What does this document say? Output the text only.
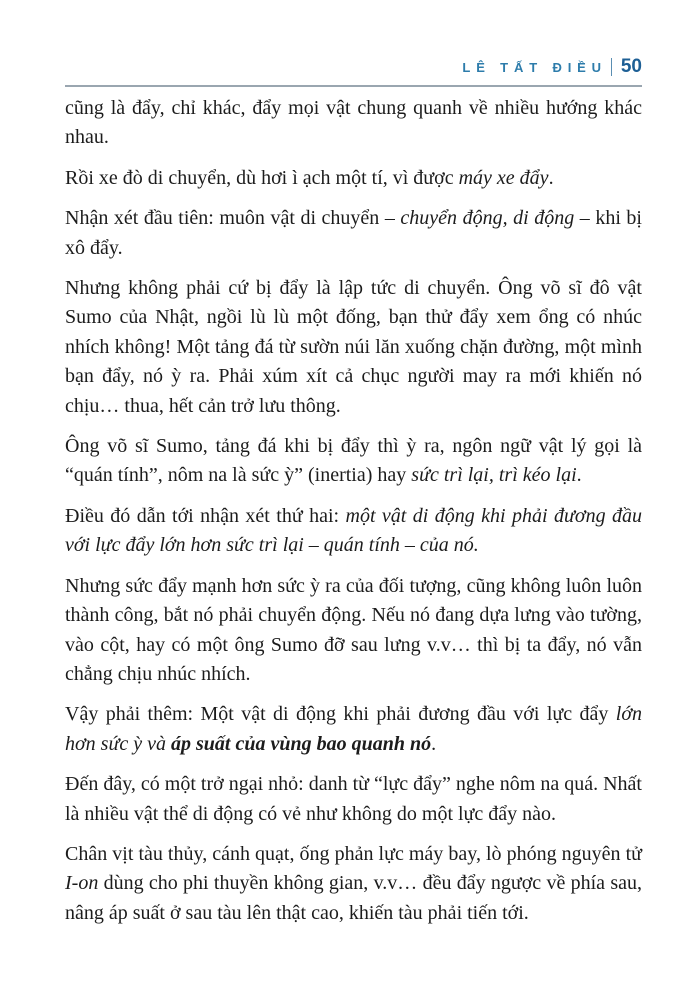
LÊ TẤT ĐIỀU | 50

cũng là đẩy, chỉ khác, đẩy mọi vật chung quanh về nhiều hướng khác nhau.

Rồi xe đò di chuyển, dù hơi ì ạch một tí, vì được máy xe đẩy.

Nhận xét đầu tiên: muôn vật di chuyển – chuyển động, di động – khi bị xô đẩy.

Nhưng không phải cứ bị đẩy là lập tức di chuyển. Ông võ sĩ đô vật Sumo của Nhật, ngồi lù lù một đống, bạn thử đẩy xem ổng có nhúc nhích không! Một tảng đá từ sườn núi lăn xuống chặn đường, một mình bạn đẩy, nó ỳ ra. Phải xúm xít cả chục người may ra mới khiến nó chịu… thua, hết cản trở lưu thông.

Ông võ sĩ Sumo, tảng đá khi bị đẩy thì ỳ ra, ngôn ngữ vật lý gọi là “quán tính”, nôm na là sức ỳ” (inertia) hay sức trì lại, trì kéo lại.

Điều đó dẫn tới nhận xét thứ hai: một vật di động khi phải đương đầu với lực đẩy lớn hơn sức trì lại – quán tính – của nó.

Nhưng sức đẩy mạnh hơn sức ỳ ra của đối tượng, cũng không luôn luôn thành công, bắt nó phải chuyển động. Nếu nó đang dựa lưng vào tường, vào cột, hay có một ông Sumo đỡ sau lưng v.v… thì bị ta đẩy, nó vẫn chẳng chịu nhúc nhích.

Vậy phải thêm: Một vật di động khi phải đương đầu với lực đẩy lớn hơn sức ỳ và áp suất của vùng bao quanh nó.

Đến đây, có một trở ngại nhỏ: danh từ “lực đẩy” nghe nôm na quá. Nhất là nhiều vật thể di động có vẻ như không do một lực đẩy nào.

Chân vịt tàu thủy, cánh quạt, ống phản lực máy bay, lò phóng nguyên tử I-on dùng cho phi thuyền không gian, v.v… đều đẩy ngược về phía sau, nâng áp suất ở sau tàu lên thật cao, khiến tàu phải tiến tới.
